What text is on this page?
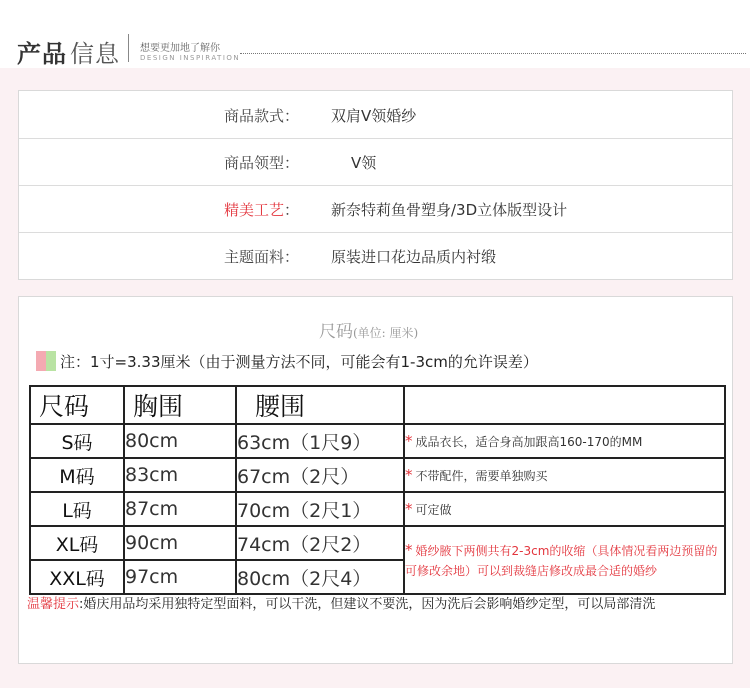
产品 信息 想要更加地了解你
DESIGN INSPIRATION
商品款式 ： 双肩V领婚纱
商品领型 ：	V领
精美工艺 ： 新奈特莉鱼骨塑身/3D立体版型设计
主题面料 ： 原装进口花边品质内衬缎
尺码(单位: 厘米)
注：1寸=3.33厘米（由于测量方法不同，可能会有1-3cm的允许误差）
尺码	胸围	腰围	
S码	80cm	63cm（1尺9）	* 成品衣长，适合身高加跟高160-170的MM
M码	83cm	67cm（2尺）	* 不带配件，需要单独购买
L码	87cm	70cm（2尺1）	* 可定做
XL码	90cm	74cm（2尺2）	* 婚纱腋下两侧共有2-3cm的收缩（具体情况看两边预留的可修改余地）可以到裁缝店修改成最合适的婚纱
XXL码	97cm	80cm（2尺4）	
温馨提示:婚庆用品均采用独特定型面料，可以干洗，但建议不要洗，因为洗后会影响婚纱定型，可以局部清洗
